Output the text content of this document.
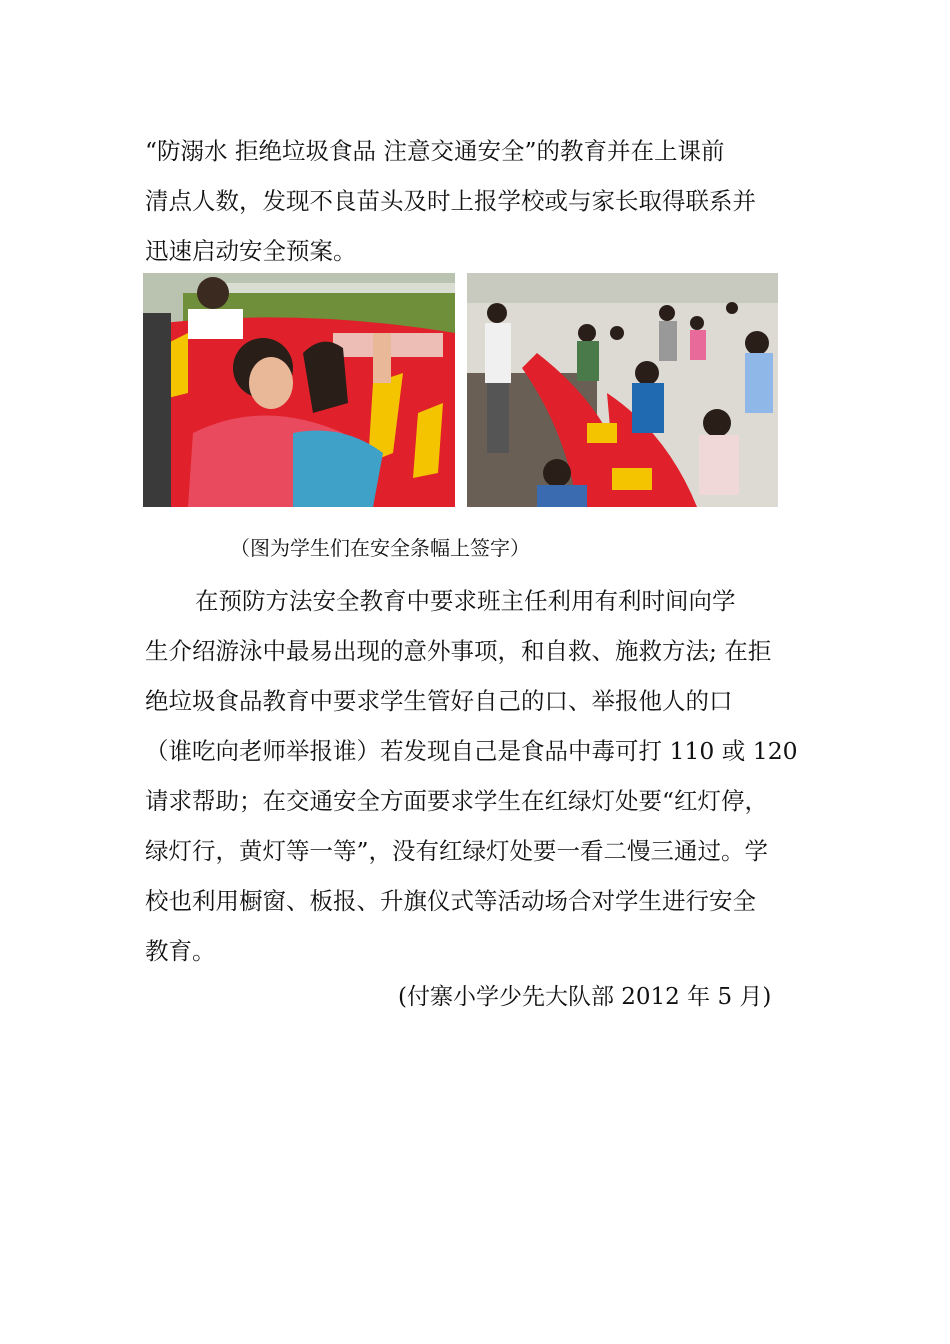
“防溺水 拒绝垃圾食品 注意交通安全”的教育并在上课前
清点人数，发现不良苗头及时上报学校或与家长取得联系并
迅速启动安全预案。
（图为学生们在安全条幅上签字）
在预防方法安全教育中要求班主任利用有利时间向学
生介绍游泳中最易出现的意外事项，和自救、施救方法; 在拒
绝垃圾食品教育中要求学生管好自己的口、举报他人的口
（谁吃向老师举报谁）若发现自己是食品中毒可打 110 或 120
请求帮助；在交通安全方面要求学生在红绿灯处要“红灯停，
绿灯行，黄灯等一等”，没有红绿灯处要一看二慢三通过。学
校也利用橱窗、板报、升旗仪式等活动场合对学生进行安全
教育。
(付寨小学少先大队部 2012 年 5 月)
